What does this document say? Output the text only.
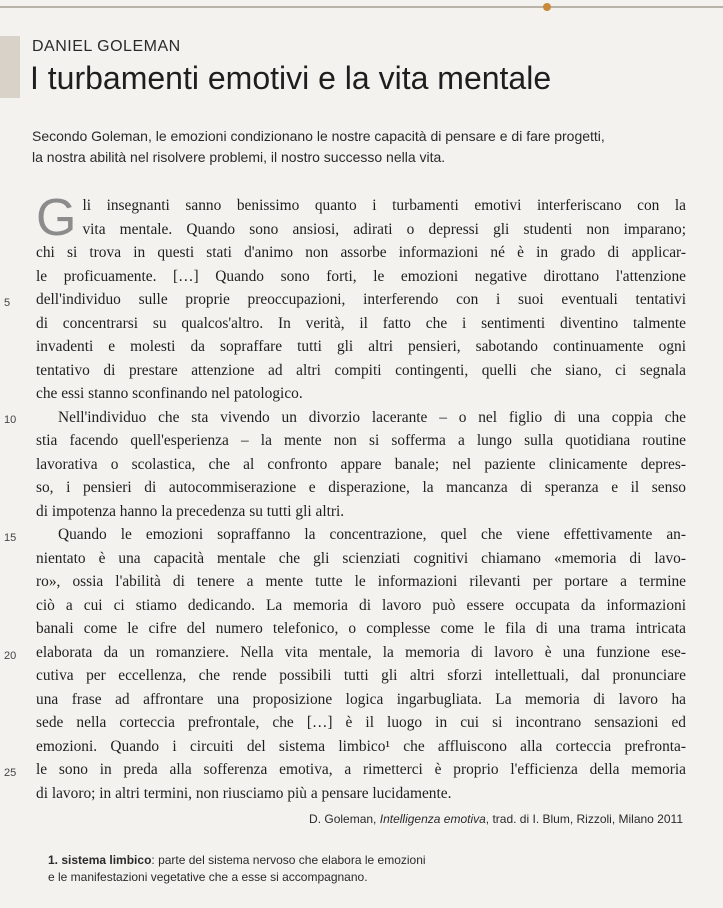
DANIEL GOLEMAN
I turbamenti emotivi e la vita mentale
Secondo Goleman, le emozioni condizionano le nostre capacità di pensare e di fare progetti,
la nostra abilità nel risolvere problemi, il nostro successo nella vita.
5
10
15
20
25
G li insegnanti sanno benissimo quanto i turbamenti emotivi interferiscano con la
vita mentale. Quando sono ansiosi, adirati o depressi gli studenti non imparano;
chi si trova in questi stati d'animo non assorbe informazioni né è in grado di applicar-
le proficuamente. […] Quando sono forti, le emozioni negative dirottano l'attenzione
dell'individuo sulle proprie preoccupazioni, interferendo con i suoi eventuali tentativi
di concentrarsi su qualcos'altro. In verità, il fatto che i sentimenti diventino talmente
invadenti e molesti da sopraffare tutti gli altri pensieri, sabotando continuamente ogni
tentativo di prestare attenzione ad altri compiti contingenti, quelli che siano, ci segnala
che essi stanno sconfinando nel patologico.
Nell'individuo che sta vivendo un divorzio lacerante – o nel figlio di una coppia che
stia facendo quell'esperienza – la mente non si sofferma a lungo sulla quotidiana routine
lavorativa o scolastica, che al confronto appare banale; nel paziente clinicamente depres-
so, i pensieri di autocommiserazione e disperazione, la mancanza di speranza e il senso
di impotenza hanno la precedenza su tutti gli altri.
Quando le emozioni sopraffanno la concentrazione, quel che viene effettivamente an-
nientato è una capacità mentale che gli scienziati cognitivi chiamano «memoria di lavo-
ro», ossia l'abilità di tenere a mente tutte le informazioni rilevanti per portare a termine
ciò a cui ci stiamo dedicando. La memoria di lavoro può essere occupata da informazioni
banali come le cifre del numero telefonico, o complesse come le fila di una trama intricata
elaborata da un romanziere. Nella vita mentale, la memoria di lavoro è una funzione ese-
cutiva per eccellenza, che rende possibili tutti gli altri sforzi intellettuali, dal pronunciare
una frase ad affrontare una proposizione logica ingarbugliata. La memoria di lavoro ha
sede nella corteccia prefrontale, che […] è il luogo in cui si incontrano sensazioni ed
emozioni. Quando i circuiti del sistema limbico¹ che affluiscono alla corteccia prefronta-
le sono in preda alla sofferenza emotiva, a rimetterci è proprio l'efficienza della memoria
di lavoro; in altri termini, non riusciamo più a pensare lucidamente.
D. Goleman, Intelligenza emotiva, trad. di I. Blum, Rizzoli, Milano 2011
1. sistema limbico: parte del sistema nervoso che elabora le emozioni
e le manifestazioni vegetative che a esse si accompagnano.
